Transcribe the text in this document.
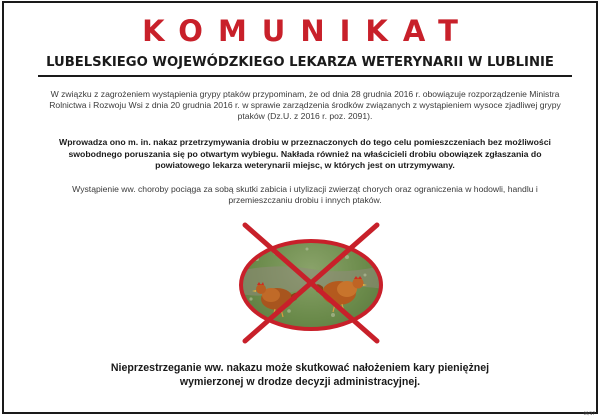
KOMUNIKAT
LUBELSKIEGO WOJEWÓDZKIEGO LEKARZA WETERYNARII W LUBLINIE
W związku z zagrożeniem wystąpienia grypy ptaków przypominam, że od dnia 28 grudnia 2016 r. obowiązuje rozporządzenie Ministra Rolnictwa i Rozwoju Wsi z dnia 20 grudnia 2016 r. w sprawie zarządzenia środków związanych z wystąpieniem wysoce zjadliwej grypy ptaków (Dz.U. z 2016 r. poz. 2091).
Wprowadza ono m. in. nakaz przetrzymywania drobiu w przeznaczonych do tego celu pomieszczeniach bez możliwości swobodnego poruszania się po otwartym wybiegu. Nakłada również na właścicieli drobiu obowiązek zgłaszania do powiatowego lekarza weterynarii miejsc, w których jest on utrzymywany.
Wystąpienie ww. choroby pociąga za sobą skutki zabicia i utylizacji zwierząt chorych oraz ograniczenia w hodowli, handlu i przemieszczaniu drobiu i innych ptaków.
Nieprzestrzeganie ww. nakazu może skutkować nałożeniem kary pieniężnej
wymierzonej w drodze decyzji administracyjnej.
09/17
